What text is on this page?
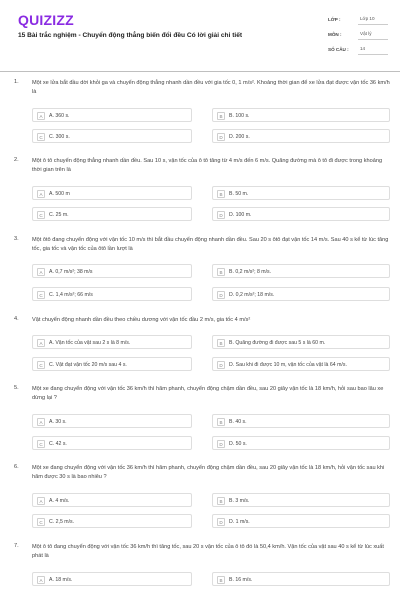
QUIZIZZ
15 Bài trắc nghiệm - Chuyển động thẳng biến đổi đều Có lời giải chi tiết
LỚP :	Lớp 10
MÔN :	Vật lý
SỐ CÂU :	14
1. Một xe lửa bắt đầu dời khỏi ga và chuyển động thẳng nhanh dần đều với gia tốc 0, 1 m/s². Khoảng thời gian để xe lửa đạt được vận tốc 36 km/h là
A	A. 360 s.	B	B. 100 s.
C	C. 300 s.	D	D. 200 s.
2. Một ô tô chuyển động thẳng nhanh dần đều. Sau 10 s, vận tốc của ô tô tăng từ 4 m/s đến 6 m/s. Quãng đường mà ô tô đi được trong khoảng thời gian trên là
A	A. 500 m	B	B. 50 m.
C	C. 25 m.	D	D. 100 m.
3. Một ôtô đang chuyển động với vận tốc 10 m/s thì bắt đầu chuyển động nhanh dần đều. Sau 20 s ôtô đạt vận tốc 14 m/s. Sau 40 s kể từ lúc tăng tốc, gia tốc và vận tốc của ôtô lần lượt là
A	A. 0,7 m/s²; 38 m/s	B	B. 0,2 m/s²; 8 m/s.
C	C. 1,4 m/s²; 66 m/s	D	D. 0,2 m/s²; 18 m/s.
4. Vật chuyển động nhanh dần đều theo chiều dương với vận tốc đầu 2 m/s, gia tốc 4 m/s²
A	A. Vận tốc của vật sau 2 s là 8 m/s.	B	B. Quãng đường đi được sau 5 s là 60 m.
C	C. Vật đạt vận tốc 20 m/s sau 4 s.	D	D. Sau khi đi được 10 m, vận tốc của vật là 64 m/s.
5. Một xe đang chuyển động với vận tốc 36 km/h thì hãm phanh, chuyển động chậm dần đều, sau 20 giây vận tốc là 18 km/h, hỏi sau bao lâu xe dừng lại ?
A	A. 30 s.	B	B. 40 s.
C	C. 42 s.	D	D. 50 s.
6. Một xe đang chuyển động với vận tốc 36 km/h thì hãm phanh, chuyển động chậm dần đều, sau 20 giây vận tốc là 18 km/h, hỏi vận tốc sau khi hãm được 30 s là bao nhiêu ?
A	A. 4 m/s.	B	B. 3 m/s.
C	C. 2,5 m/s.	D	D. 1 m/s.
7. Một ô tô đang chuyển động với vận tốc 36 km/h thì tăng tốc, sau 20 s vận tốc của ô tô đó là 50,4 km/h. Vận tốc của vật sau 40 s kể từ lúc xuất phát là
A	A. 18 m/s.	B	B. 16 m/s.
